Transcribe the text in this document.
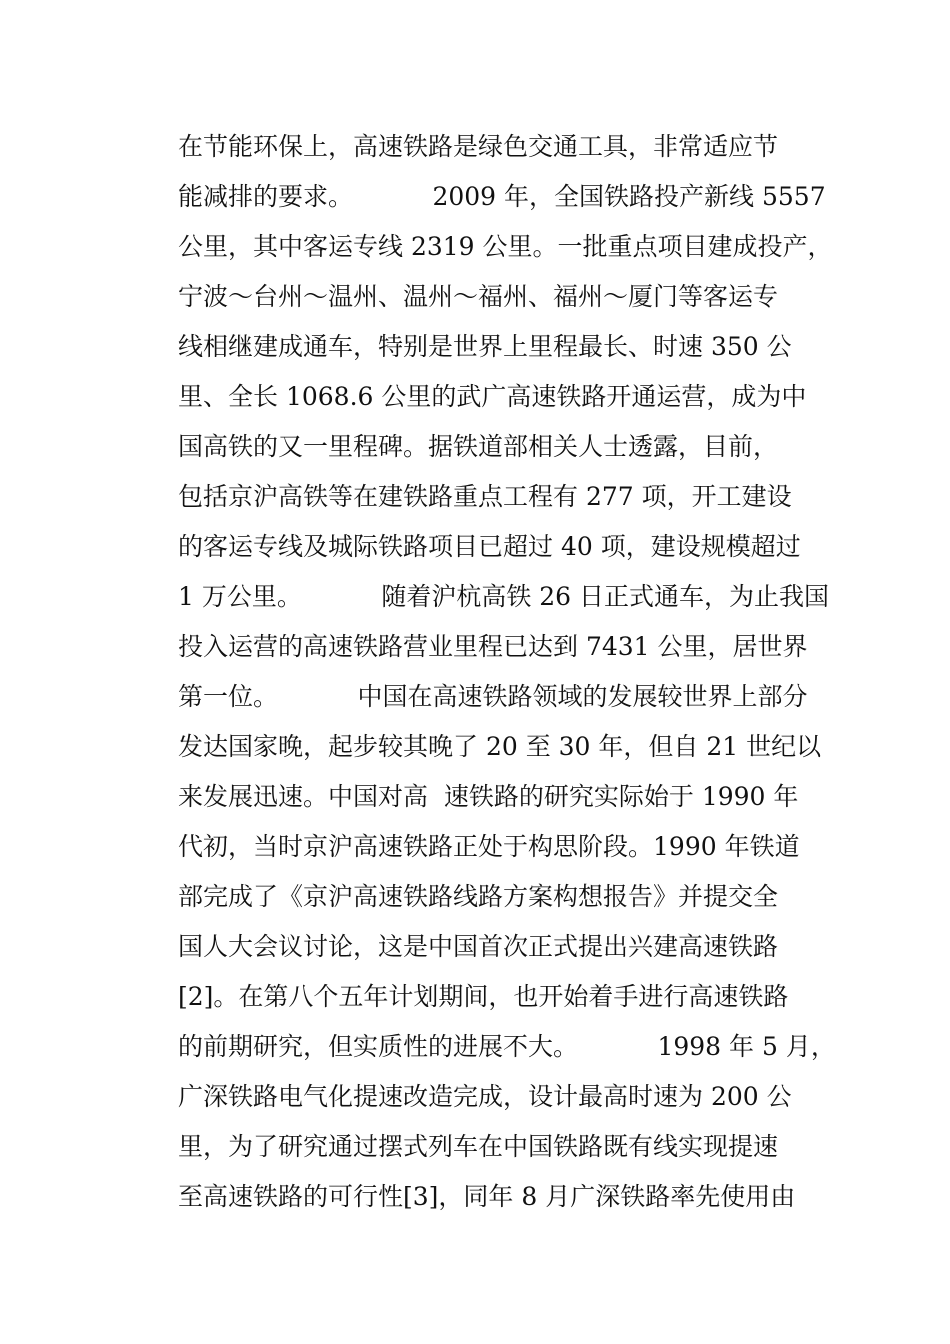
在节能环保上，高速铁路是绿色交通工具，非常适应节
能减排的要求。          2009 年，全国铁路投产新线 5557
公里，其中客运专线 2319 公里。一批重点项目建成投产，
宁波～台州～温州、温州～福州、福州～厦门等客运专
线相继建成通车，特别是世界上里程最长、时速 350 公
里、全长 1068.6 公里的武广高速铁路开通运营，成为中
国高铁的又一里程碑。据铁道部相关人士透露，目前，
包括京沪高铁等在建铁路重点工程有 277 项，开工建设
的客运专线及城际铁路项目已超过 40 项，建设规模超过
1 万公里。          随着沪杭高铁 26 日正式通车，为止我国
投入运营的高速铁路营业里程已达到 7431 公里，居世界
第一位。          中国在高速铁路领域的发展较世界上部分
发达国家晚，起步较其晚了 20 至 30 年，但自 21 世纪以
来发展迅速。中国对高  速铁路的研究实际始于 1990 年
代初，当时京沪高速铁路正处于构思阶段。1990 年铁道
部完成了《京沪高速铁路线路方案构想报告》并提交全
国人大会议讨论，这是中国首次正式提出兴建高速铁路
[2]。在第八个五年计划期间，也开始着手进行高速铁路
的前期研究，但实质性的进展不大。          1998 年 5 月，
广深铁路电气化提速改造完成，设计最高时速为 200 公
里，为了研究通过摆式列车在中国铁路既有线实现提速
至高速铁路的可行性[3]，同年 8 月广深铁路率先使用由
